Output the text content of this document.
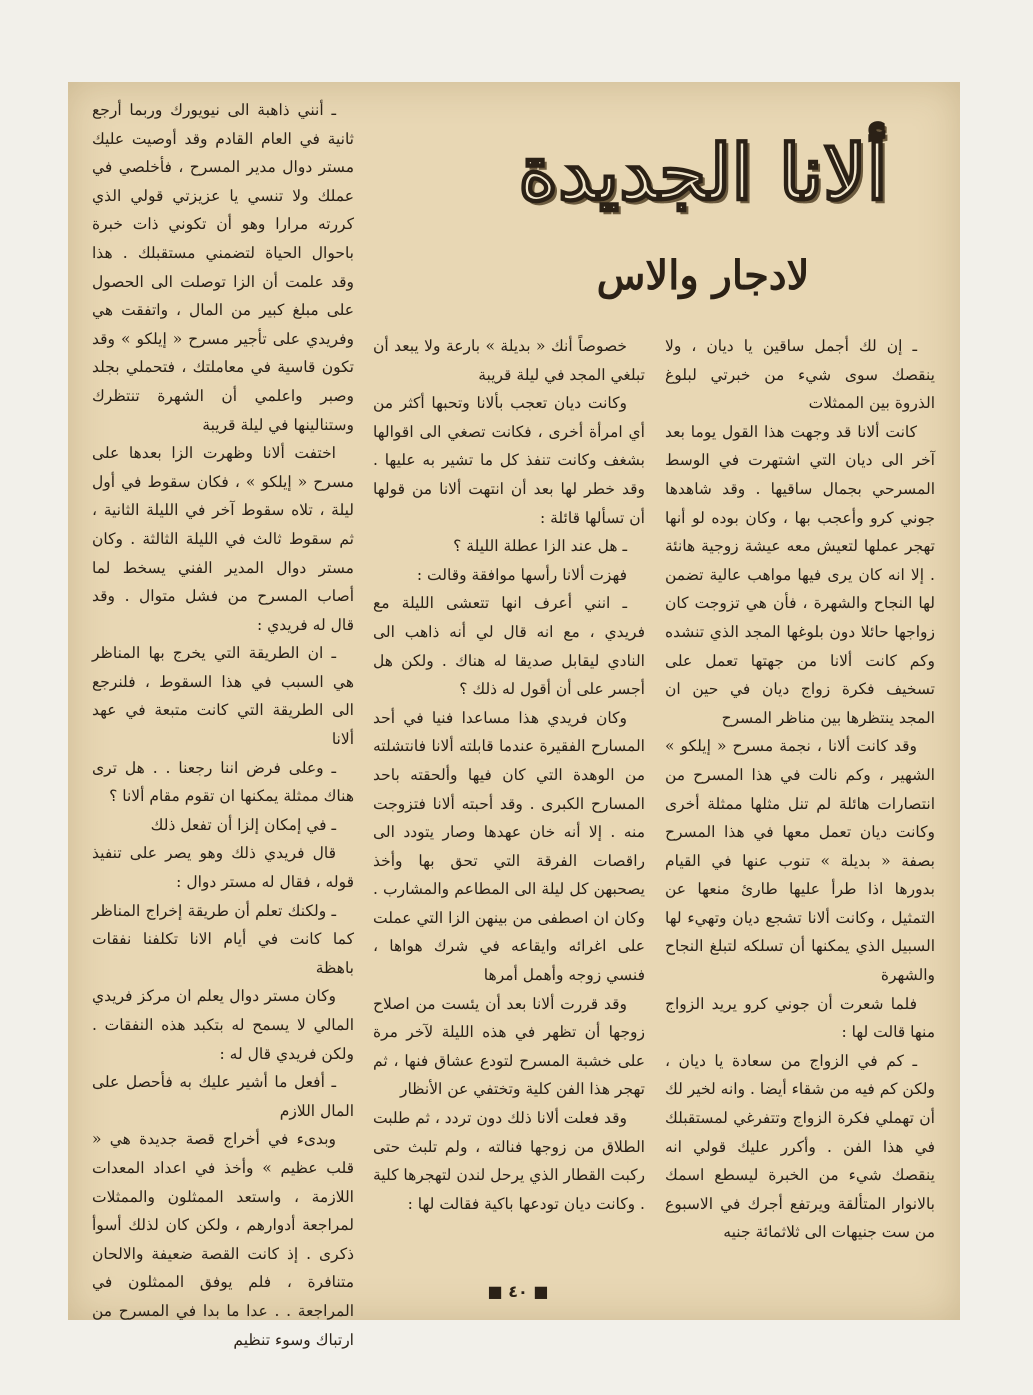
ألانا الجديدة
لادجار والاس

ـ إن لك أجمل ساقين يا ديان ، ولا ينقصك سوى شيء من خبرتي لبلوغ الذروة بين الممثلات

كانت ألانا قد وجهت هذا القول يوما بعد آخر الى ديان التي اشتهرت في الوسط المسرحي بجمال ساقيها . وقد شاهدها جوني كرو وأعجب بها ، وكان بوده لو أنها تهجر عملها لتعيش معه عيشة زوجية هانئة . إلا انه كان يرى فيها مواهب عالية تضمن لها النجاح والشهرة ، فأن هي تزوجت كان زواجها حائلا دون بلوغها المجد الذي تنشده وكم كانت ألانا من جهتها تعمل على تسخيف فكرة زواج ديان في حين ان المجد ينتظرها بين مناظر المسرح

وقد كانت ألانا ، نجمة مسرح « إيلكو » الشهير ، وكم نالت في هذا المسرح من انتصارات هائلة لم تنل مثلها ممثلة أخرى وكانت ديان تعمل معها في هذا المسرح بصفة « بديلة » تنوب عنها في القيام بدورها اذا طرأ عليها طارئ منعها عن التمثيل ، وكانت ألانا تشجع ديان وتهيء لها السبيل الذي يمكنها أن تسلكه لتبلغ النجاح والشهرة

فلما شعرت أن جوني كرو يريد الزواج منها قالت لها :

ـ كم في الزواج من سعادة يا ديان ، ولكن كم فيه من شقاء أيضا . وانه لخير لك أن تهملي فكرة الزواج وتتفرغي لمستقبلك في هذا الفن . وأكرر عليك قولي انه ينقصك شيء من الخبرة ليسطع اسمك بالانوار المتألقة ويرتفع أجرك في الاسبوع من ست جنيهات الى ثلاثمائة جنيه

خصوصاً أنك « بديلة » بارعة ولا يبعد أن تبلغي المجد في ليلة قريبة

وكانت ديان تعجب بألانا وتحبها أكثر من أي امرأة أخرى ، فكانت تصغي الى اقوالها بشغف وكانت تنفذ كل ما تشير به عليها . وقد خطر لها بعد أن انتهت ألانا من قولها أن تسألها قائلة :

ـ هل عند الزا عطلة الليلة ؟

فهزت ألانا رأسها موافقة وقالت :

ـ انني أعرف انها تتعشى الليلة مع فريدي ، مع انه قال لي أنه ذاهب الى النادي ليقابل صديقا له هناك . ولكن هل أجسر على أن أقول له ذلك ؟

وكان فريدي هذا مساعدا فنيا في أحد المسارح الفقيرة عندما قابلته ألانا فانتشلته من الوهدة التي كان فيها وألحقته باحد المسارح الكبرى . وقد أحبته ألانا فتزوجت منه . إلا أنه خان عهدها وصار يتودد الى راقصات الفرقة التي تحق بها وأخذ يصحبهن كل ليلة الى المطاعم والمشارب . وكان ان اصطفى من بينهن الزا التي عملت على اغرائه وايقاعه في شرك هواها ، فنسي زوجه وأهمل أمرها

وقد قررت ألانا بعد أن يئست من اصلاح زوجها أن تظهر في هذه الليلة لآخر مرة على خشبة المسرح لتودع عشاق فنها ، ثم تهجر هذا الفن كلية وتختفي عن الأنظار

وقد فعلت ألانا ذلك دون تردد ، ثم طلبت الطلاق من زوجها فنالته ، ولم تلبث حتى ركبت القطار الذي يرحل لندن لتهجرها كلية . وكانت ديان تودعها باكية فقالت لها :

ـ أنني ذاهبة الى نيويورك وربما أرجع ثانية في العام القادم وقد أوصيت عليك مستر دوال مدير المسرح ، فأخلصي في عملك ولا تنسي يا عزيزتي قولي الذي كررته مرارا وهو أن تكوني ذات خبرة باحوال الحياة لتضمني مستقبلك . هذا وقد علمت أن الزا توصلت الى الحصول على مبلغ كبير من المال ، واتفقت هي وفريدي على تأجير مسرح « إيلكو » وقد تكون قاسية في معاملتك ، فتحملي بجلد وصبر واعلمي أن الشهرة تنتظرك وستنالينها في ليلة قريبة

اختفت ألانا وظهرت الزا بعدها على مسرح « إيلكو » ، فكان سقوط في أول ليلة ، تلاه سقوط آخر في الليلة الثانية ، ثم سقوط ثالث في الليلة الثالثة . وكان مستر دوال المدير الفني يسخط لما أصاب المسرح من فشل متوال . وقد قال له فريدي :

ـ ان الطريقة التي يخرج بها المناظر هي السبب في هذا السقوط ، فلنرجع الى الطريقة التي كانت متبعة في عهد ألانا

ـ وعلى فرض اننا رجعنا . . هل ترى هناك ممثلة يمكنها ان تقوم مقام ألانا ؟

ـ في إمكان إلزا أن تفعل ذلك

قال فريدي ذلك وهو يصر على تنفيذ قوله ، فقال له مستر دوال :

ـ ولكنك تعلم أن طريقة إخراج المناظر كما كانت في أيام الانا تكلفنا نفقات باهظة

وكان مستر دوال يعلم ان مركز فريدي المالي لا يسمح له بتكبد هذه النفقات . ولكن فريدي قال له :

ـ أفعل ما أشير عليك به فأحصل على المال اللازم

وبدىء في أخراج قصة جديدة هي « قلب عظيم » وأخذ في اعداد المعدات اللازمة ، واستعد الممثلون والممثلات لمراجعة أدوارهم ، ولكن كان لذلك أسوأ ذكرى . إذ كانت القصة ضعيفة والالحان متنافرة ، فلم يوفق الممثلون في المراجعة . . عدا ما بدا في المسرح من ارتباك وسوء تنظيم

■ ٤٠ ■
